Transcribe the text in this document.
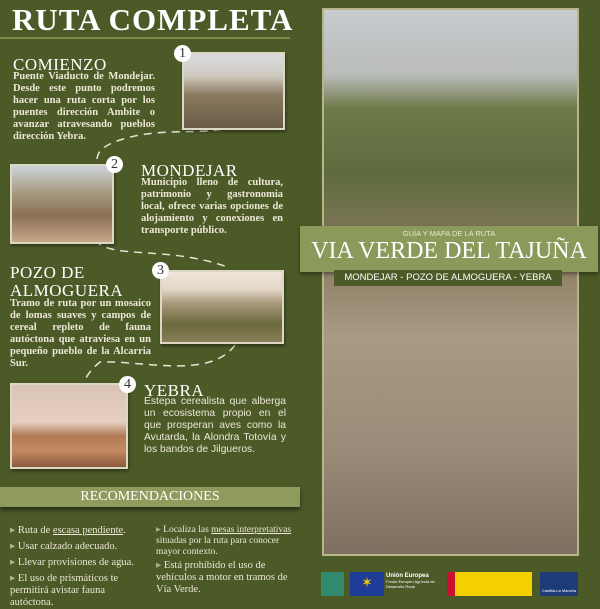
RUTA COMPLETA
COMIENZO
Puente Viaducto de Mondejar. Desde este punto podremos hacer una ruta corta por los puentes dirección Ambite o avanzar atravesando pueblos dirección Yebra.
1
2 MONDEJAR
Municipio lleno de cultura, patrimonio y gastronomia local, ofrece varias opciones de alojamiento y conexiones en transporte público.
POZO DE ALMOGUERA
Tramo de ruta por un mosaico de lomas suaves y campos de cereal repleto de fauna autóctona que atraviesa en un pequeño pueblo de la Alcarria Sur.
3
4 YEBRA
Estepa cerealista que alberga un ecosistema propio en el que prosperan aves como la Avutarda, la Alondra Totovía y los bandos de Jilgueros.
GUÍA Y MAPA DE LA RUTA
VIA VERDE DEL TAJUÑA
MONDEJAR - POZO DE ALMOGUERA - YEBRA
RECOMENDACIONES
▸ Ruta de escasa pendiente.
▸ Usar calzado adecuado.
▸ Llevar provisiones de agua.
▸ El uso de prismáticos te permitirá avistar fauna autóctona.
▸ Localiza las mesas interpretativas situadas por la ruta para conocer mayor contexto.
▸ Está prohibido el uso de vehículos a motor en tramos de Vía Verde.	✶	Unión Europea
Fondo Europeo Agrícola de Desarrollo Rural
Castilla-La Mancha
